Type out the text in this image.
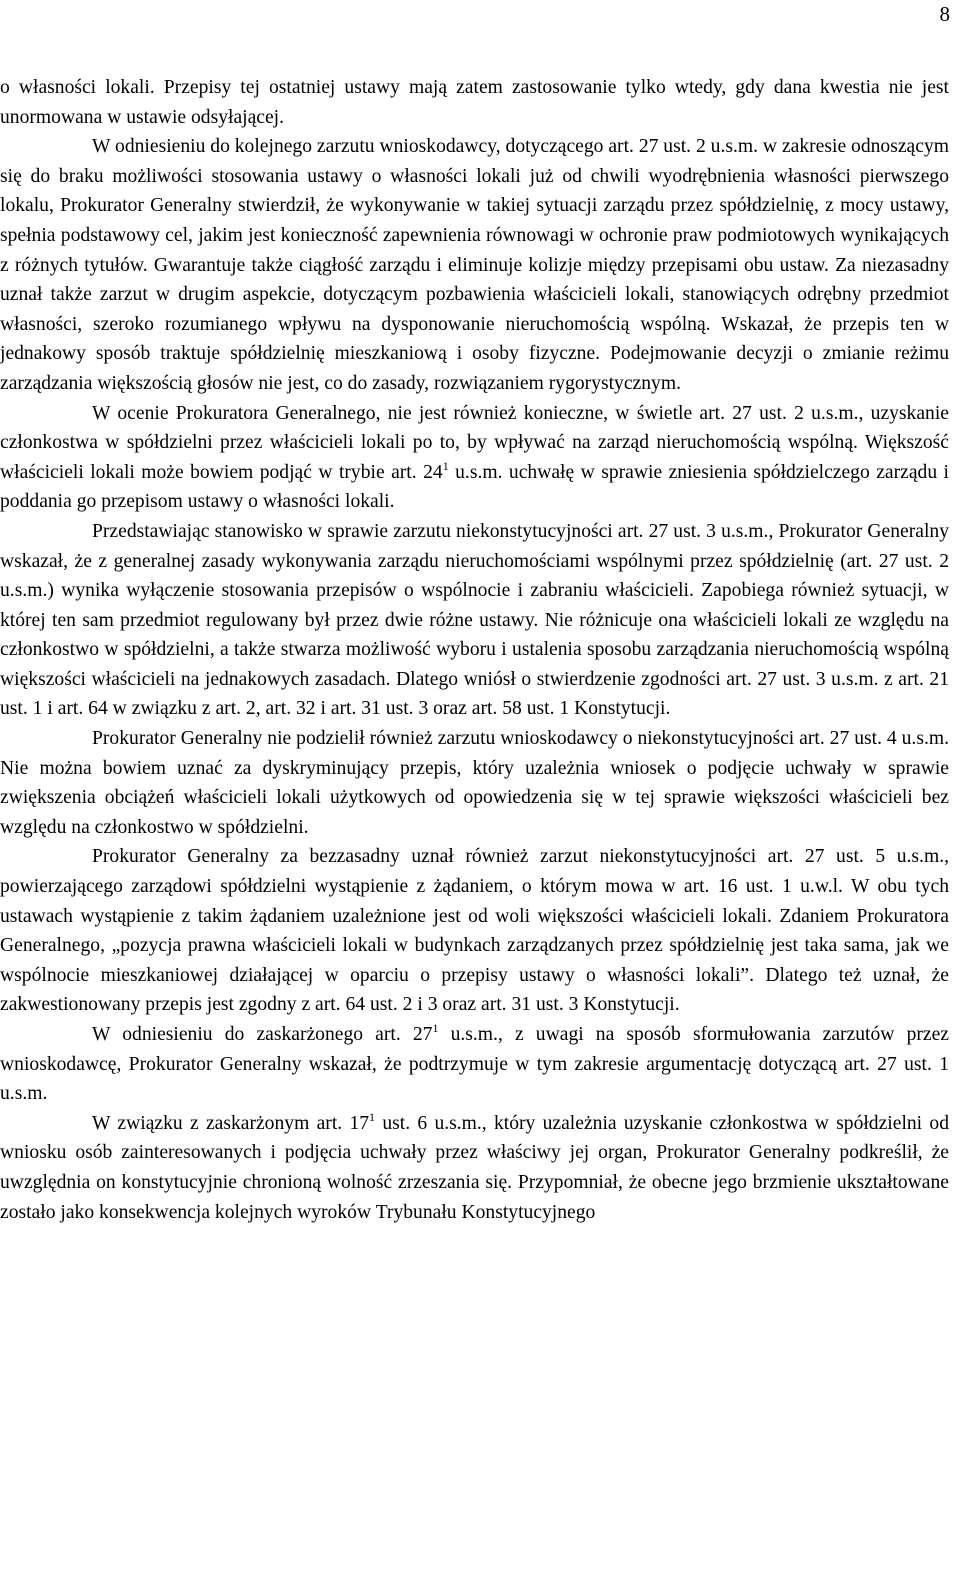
8

o własności lokali. Przepisy tej ostatniej ustawy mają zatem zastosowanie tylko wtedy, gdy dana kwestia nie jest unormowana w ustawie odsyłającej.

W odniesieniu do kolejnego zarzutu wnioskodawcy, dotyczącego art. 27 ust. 2 u.s.m. w zakresie odnoszącym się do braku możliwości stosowania ustawy o własności lokali już od chwili wyodrębnienia własności pierwszego lokalu, Prokurator Generalny stwierdził, że wykonywanie w takiej sytuacji zarządu przez spółdzielnię, z mocy ustawy, spełnia podstawowy cel, jakim jest konieczność zapewnienia równowagi w ochronie praw podmiotowych wynikających z różnych tytułów. Gwarantuje także ciągłość zarządu i eliminuje kolizje między przepisami obu ustaw. Za niezasadny uznał także zarzut w drugim aspekcie, dotyczącym pozbawienia właścicieli lokali, stanowiących odrębny przedmiot własności, szeroko rozumianego wpływu na dysponowanie nieruchomością wspólną. Wskazał, że przepis ten w jednakowy sposób traktuje spółdzielnię mieszkaniową i osoby fizyczne. Podejmowanie decyzji o zmianie reżimu zarządzania większością głosów nie jest, co do zasady, rozwiązaniem rygorystycznym.

W ocenie Prokuratora Generalnego, nie jest również konieczne, w świetle art. 27 ust. 2 u.s.m., uzyskanie członkostwa w spółdzielni przez właścicieli lokali po to, by wpływać na zarząd nieruchomością wspólną. Większość właścicieli lokali może bowiem podjąć w trybie art. $24^1$ u.s.m. uchwałę w sprawie zniesienia spółdzielczego zarządu i poddania go przepisom ustawy o własności lokali.

Przedstawiając stanowisko w sprawie zarzutu niekonstytucyjności art. 27 ust. 3 u.s.m., Prokurator Generalny wskazał, że z generalnej zasady wykonywania zarządu nieruchomościami wspólnymi przez spółdzielnię (art. 27 ust. 2 u.s.m.) wynika wyłączenie stosowania przepisów o wspólnocie i zabraniu właścicieli. Zapobiega również sytuacji, w której ten sam przedmiot regulowany był przez dwie różne ustawy. Nie różnicuje ona właścicieli lokali ze względu na członkostwo w spółdzielni, a także stwarza możliwość wyboru i ustalenia sposobu zarządzania nieruchomością wspólną większości właścicieli na jednakowych zasadach. Dlatego wniósł o stwierdzenie zgodności art. 27 ust. 3 u.s.m. z art. 21 ust. 1 i art. 64 w związku z art. 2, art. 32 i art. 31 ust. 3 oraz art. 58 ust. 1 Konstytucji.

Prokurator Generalny nie podzielił również zarzutu wnioskodawcy o niekonstytucyjności art. 27 ust. 4 u.s.m. Nie można bowiem uznać za dyskryminujący przepis, który uzależnia wniosek o podjęcie uchwały w sprawie zwiększenia obciążeń właścicieli lokali użytkowych od opowiedzenia się w tej sprawie większości właścicieli bez względu na członkostwo w spółdzielni.

Prokurator Generalny za bezzasadny uznał również zarzut niekonstytucyjności art. 27 ust. 5 u.s.m., powierzającego zarządowi spółdzielni wystąpienie z żądaniem, o którym mowa w art. 16 ust. 1 u.w.l. W obu tych ustawach wystąpienie z takim żądaniem uzależnione jest od woli większości właścicieli lokali. Zdaniem Prokuratora Generalnego, „pozycja prawna właścicieli lokali w budynkach zarządzanych przez spółdzielnię jest taka sama, jak we wspólnocie mieszkaniowej działającej w oparciu o przepisy ustawy o własności lokali”. Dlatego też uznał, że zakwestionowany przepis jest zgodny z art. 64 ust. 2 i 3 oraz art. 31 ust. 3 Konstytucji.

W odniesieniu do zaskarżonego art. $27^1$ u.s.m., z uwagi na sposób sformułowania zarzutów przez wnioskodawcę, Prokurator Generalny wskazał, że podtrzymuje w tym zakresie argumentację dotyczącą art. 27 ust. 1 u.s.m.

W związku z zaskarżonym art. $17^1$ ust. 6 u.s.m., który uzależnia uzyskanie członkostwa w spółdzielni od wniosku osób zainteresowanych i podjęcia uchwały przez właściwy jej organ, Prokurator Generalny podkreślił, że uwzględnia on konstytucyjnie chronioną wolność zrzeszania się. Przypomniał, że obecne jego brzmienie ukształtowane zostało jako konsekwencja kolejnych wyroków Trybunału Konstytucyjnego
